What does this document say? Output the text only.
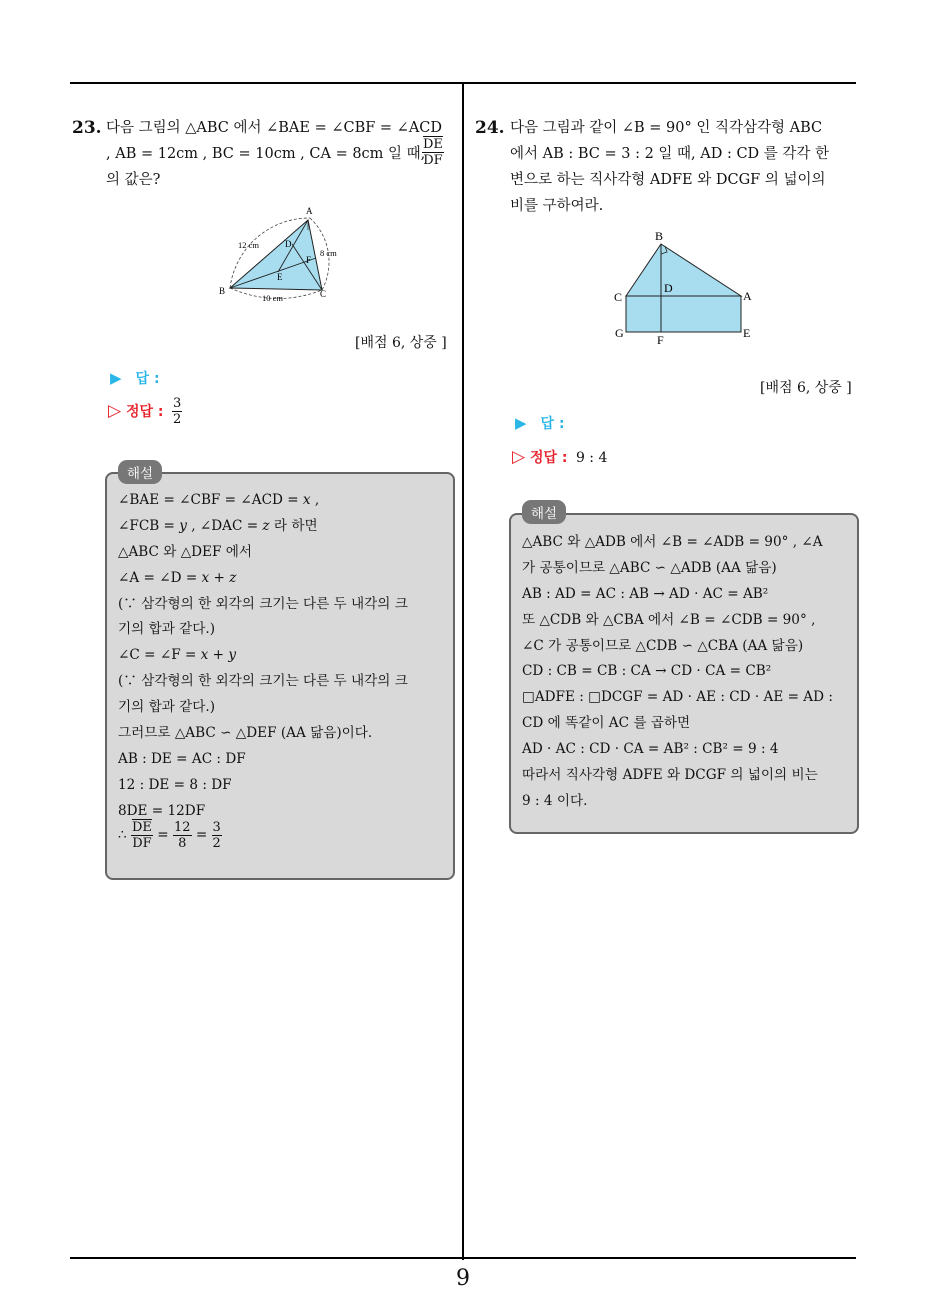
9
23. 다음 그림의 △ABC 에서 ∠BAE = ∠CBF = ∠ACD
, AB = 12cm , BC = 10cm , CA = 8cm 일 때,
$\frac{\overline{DE}}{DF}$
의 값은?
A
B	C
D
E
F
12 cm
8 cm
10 cm
[배점 6, 상중 ]
▶ 답 :
▷ 정답 : $\frac{3}{2}$
해설
∠BAE = ∠CBF = ∠ACD = 𝑥 ,
∠FCB = 𝑦 , ∠DAC = 𝑧 라 하면
△ABC 와 △DEF 에서
∠A = ∠D = 𝑥 + 𝑧
(∵ 삼각형의 한 외각의 크기는 다른 두 내각의 크
기의 합과 같다.)
∠C = ∠F = 𝑥 + 𝑦
(∵ 삼각형의 한 외각의 크기는 다른 두 내각의 크
기의 합과 같다.)
그러므로 △ABC ∽ △DEF (AA 닮음)이다.
AB : DE = AC : DF
12 : DE = 8 : DF
8DE = 12DF
∴ $\frac{\overline{DE}}{DF} = \frac{12}{8} = \frac{3}{2}$
24. 다음 그림과 같이 ∠B = 90° 인 직각삼각형 ABC
에서 AB : BC = 3 : 2 일 때, AD : CD 를 각각 한
변으로 하는 직사각형 ADFE 와 DCGF 의 넓이의
비를 구하여라.
B
C
D
A
G	F	E
[배점 6, 상중 ]
▶ 답 :
▷ 정답 : 9 : 4
해설
△ABC 와 △ADB 에서 ∠B = ∠ADB = 90° , ∠A
가 공통이므로 △ABC ∽ △ADB (AA 닮음)
AB : AD = AC : AB → AD · AC = AB²
또 △CDB 와 △CBA 에서 ∠B = ∠CDB = 90° ,
∠C 가 공통이므로 △CDB ∽ △CBA (AA 닮음)
CD : CB = CB : CA → CD · CA = CB²
□ADFE : □DCGF = AD · AE : CD · AE = AD :
CD 에 똑같이 AC 를 곱하면
AD · AC : CD · CA = AB² : CB² = 9 : 4
따라서 직사각형 ADFE 와 DCGF 의 넓이의 비는
9 : 4 이다.
